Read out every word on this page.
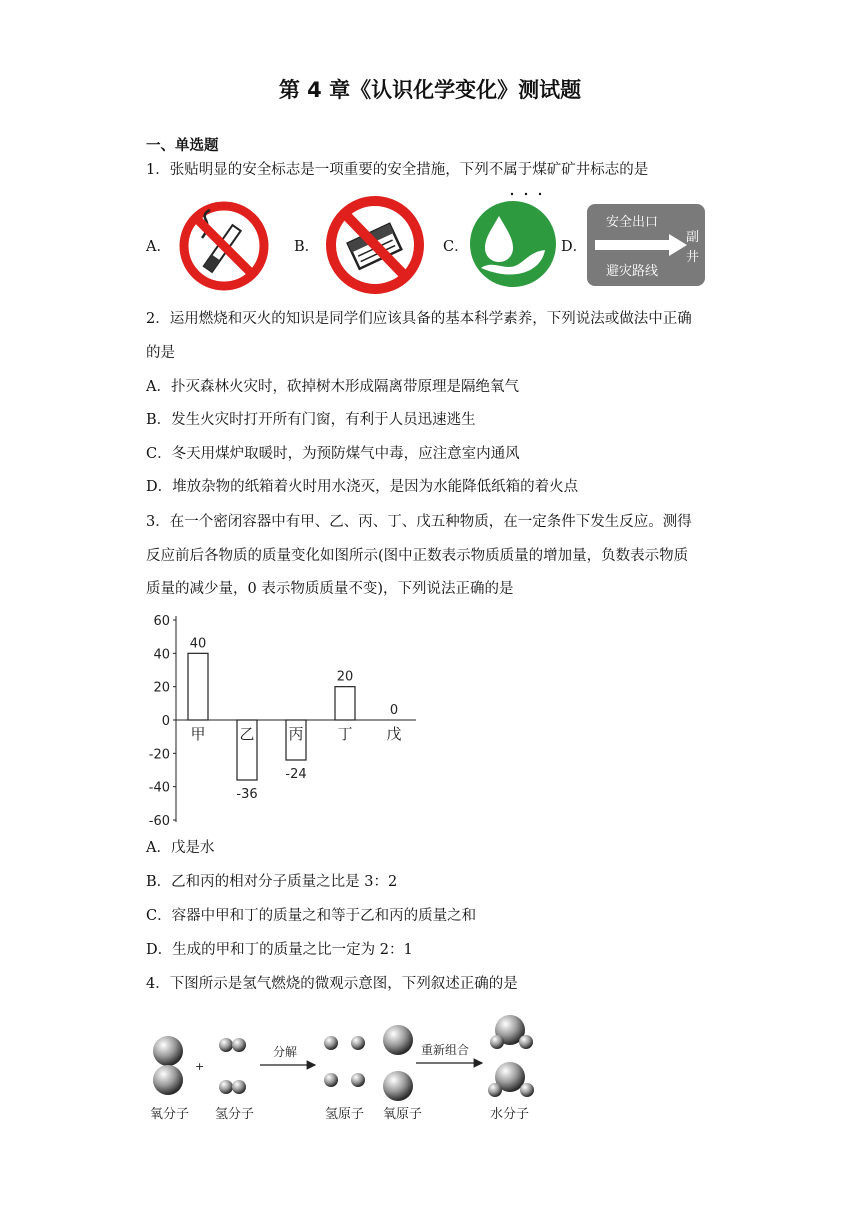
第 4 章《认识化学变化》测试题
一、单选题
1．张贴明显的安全标志是一项重要的安全措施，下列不属于煤矿矿井标志的是
A．	B．	C．	D．
安全出口
避灾路线
副
井
2．运用燃烧和灭火的知识是同学们应该具备的基本科学素养，下列说法或做法中正确
的是
A．扑灭森林火灾时，砍掉树木形成隔离带原理是隔绝氧气
B．发生火灾时打开所有门窗，有利于人员迅速逃生
C．冬天用煤炉取暖时，为预防煤气中毒，应注意室内通风
D．堆放杂物的纸箱着火时用水浇灭，是因为水能降低纸箱的着火点
3．在一个密闭容器中有甲、乙、丙、丁、戊五种物质，在一定条件下发生反应。测得
反应前后各物质的质量变化如图所示(图中正数表示物质质量的增加量，负数表示物质
质量的减少量，0 表示物质质量不变)，下列说法正确的是
60
40
20
0
-20
-40
-60
甲
40
乙
-36
丙
-24
丁
20
戊
0
A．戊是水
B．乙和丙的相对分子质量之比是 3：2
C．容器中甲和丁的质量之和等于乙和丙的质量之和
D．生成的甲和丁的质量之比一定为 2：1
4．下图所示是氢气燃烧的微观示意图，下列叙述正确的是
+
分解	重新组合
氧分子 氢分子	氢原子 氧原子	水分子
